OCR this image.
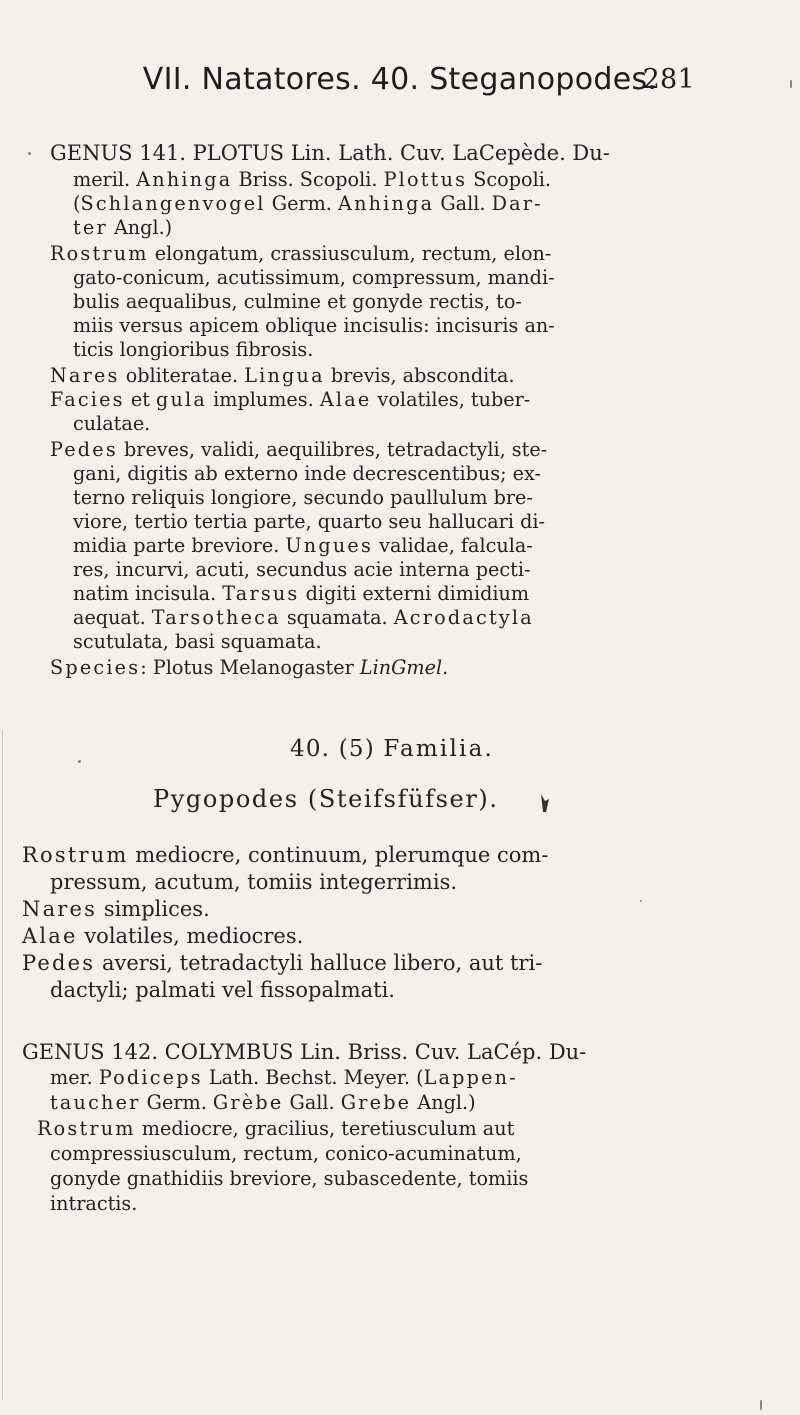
VII. Natatores. 40. Steganopodes.
281
GENUS 141. PLOTUS Lin. Lath. Cuv. LaCepède. Du-
meril. Anhinga Briss. Scopoli. Plottus Scopoli.
(Schlangenvogel Germ. Anhinga Gall. Dar-
ter Angl.)
Rostrum elongatum, crassiusculum, rectum, elon-
gato-conicum, acutissimum, compressum, mandi-
bulis aequalibus, culmine et gonyde rectis, to-
miis versus apicem oblique incisulis: incisuris an-
ticis longioribus fibrosis.
Nares obliteratae. Lingua brevis, abscondita.
Facies et gula implumes. Alae volatiles, tuber-
culatae.
Pedes breves, validi, aequilibres, tetradactyli, ste-
gani, digitis ab externo inde decrescentibus; ex-
terno reliquis longiore, secundo paullulum bre-
viore, tertio tertia parte, quarto seu hallucari di-
midia parte breviore. Ungues validae, falcula-
res, incurvi, acuti, secundus acie interna pecti-
natim incisula. Tarsus digiti externi dimidium
aequat. Tarsotheca squamata. Acrodactyla
scutulata, basi squamata.
Species: Plotus Melanogaster LinGmel.
40. (5) Familia.
Pygopodes (Steifsfüfser).
Rostrum mediocre, continuum, plerumque com-
pressum, acutum, tomiis integerrimis.
Nares simplices.
Alae volatiles, mediocres.
Pedes aversi, tetradactyli halluce libero, aut tri-
dactyli; palmati vel fissopalmati.
GENUS 142. COLYMBUS Lin. Briss. Cuv. LaCép. Du-
mer. Podiceps Lath. Bechst. Meyer. (Lappen-
taucher Germ. Grèbe Gall. Grebe Angl.)
Rostrum mediocre, gracilius, teretiusculum aut
compressiusculum, rectum, conico-acuminatum,
gonyde gnathidiis breviore, subascedente, tomiis
intractis.
